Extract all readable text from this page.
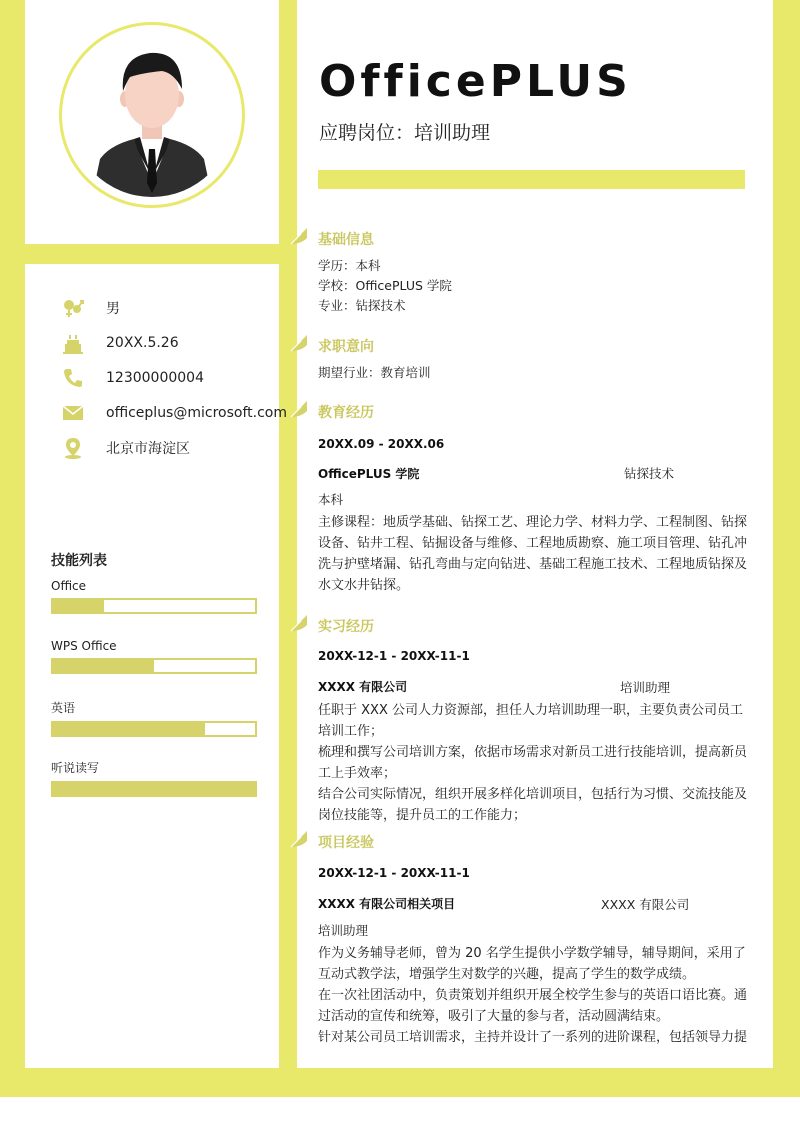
男
20XX.5.26
12300000004
officeplus@microsoft.com
北京市海淀区
技能列表
Office
WPS Office
英语
听说读写
OfficePLUS
应聘岗位：培训助理
基础信息
学历：本科
学校：OfficePLUS 学院
专业：钻探技术
求职意向
期望行业：教育培训
教育经历
20XX.09 - 20XX.06
OfficePLUS 学院	钻探技术
本科
主修课程：地质学基础、钻探工艺、理论力学、材料力学、工程制图、钻探设备、钻井工程、钻掘设备与维修、工程地质勘察、施工项目管理、钻孔冲洗与护壁堵漏、钻孔弯曲与定向钻进、基础工程施工技术、工程地质钻探及水文水井钻探。
实习经历
20XX-12-1 - 20XX-11-1
XXXX 有限公司	培训助理
任职于 XXX 公司人力资源部，担任人力培训助理一职，主要负责公司员工培训工作；
梳理和撰写公司培训方案，依据市场需求对新员工进行技能培训，提高新员工上手效率；
结合公司实际情况，组织开展多样化培训项目，包括行为习惯、交流技能及岗位技能等，提升员工的工作能力；
项目经验
20XX-12-1 - 20XX-11-1
XXXX 有限公司相关项目	XXXX 有限公司
培训助理
作为义务辅导老师，曾为 20 名学生提供小学数学辅导，辅导期间，采用了互动式教学法，增强学生对数学的兴趣，提高了学生的数学成绩。
在一次社团活动中，负责策划并组织开展全校学生参与的英语口语比赛。通过活动的宣传和统筹，吸引了大量的参与者，活动圆满结束。
针对某公司员工培训需求，主持并设计了一系列的进阶课程，包括领导力提
